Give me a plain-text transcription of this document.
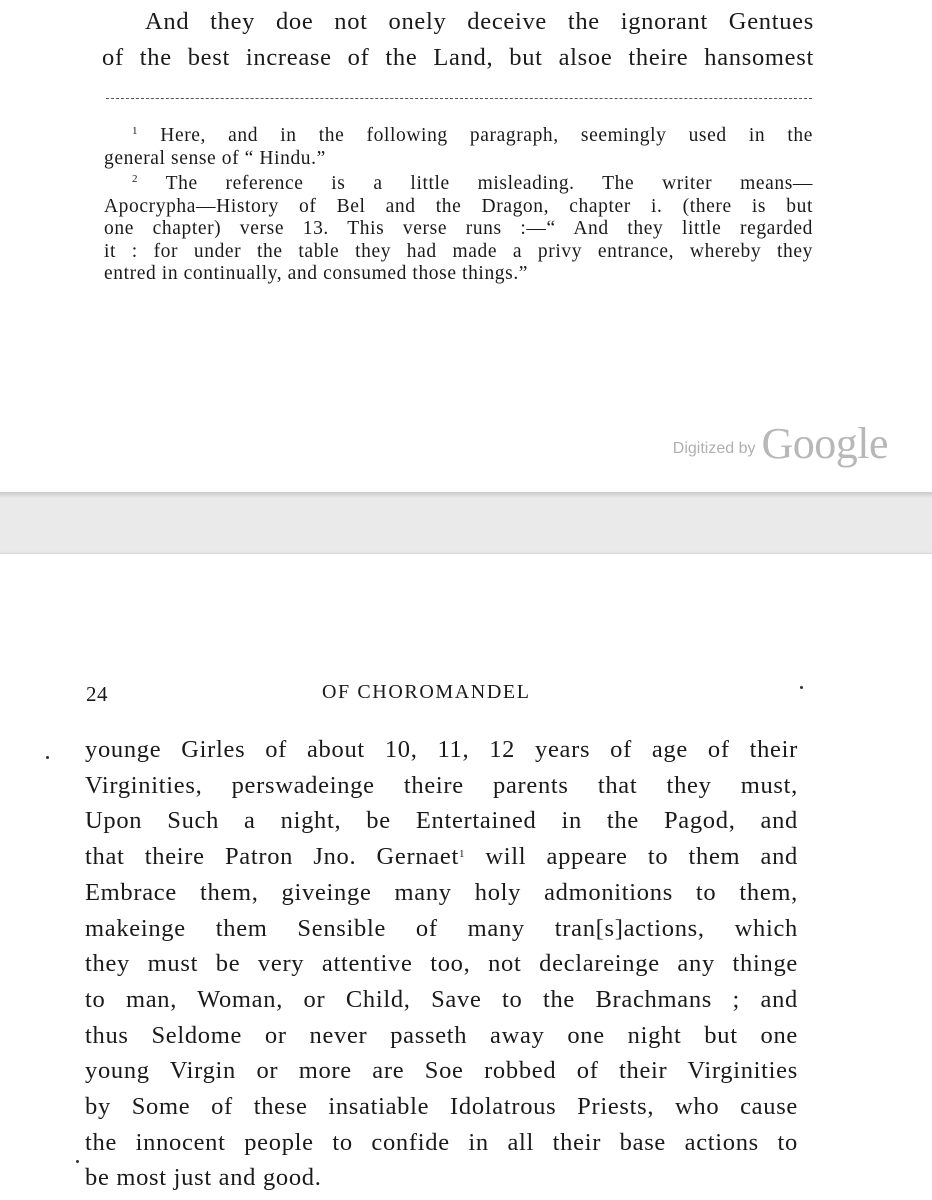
And they doe not onely deceive the ignorant Gentues
of the best increase of the Land, but alsoe theire hansomest
$^1$ Here, and in the following paragraph, seemingly used in the
general sense of “ Hindu.”
$^2$ The reference is a little misleading. The writer means—
Apocrypha—History of Bel and the Dragon, chapter i. (there is but
one chapter) verse 13. This verse runs :—“ And they little regarded
it : for under the table they had made a privy entrance, whereby they
entred in continually, and consumed those things.”
Digitized by Google
24	OF CHOROMANDEL
younge Girles of about 10, 11, 12 years of age of their
Virginities, perswadeinge theire parents that they must,
Upon Such a night, be Entertained in the Pagod, and
that theire Patron Jno. Gernaet$^1$ will appeare to them and
Embrace them, giveinge many holy admonitions to them,
makeinge them Sensible of many tran[s]actions, which
they must be very attentive too, not declareinge any thinge
to man, Woman, or Child, Save to the Brachmans ; and
thus Seldome or never passeth away one night but one
young Virgin or more are Soe robbed of their Virginities
by Some of these insatiable Idolatrous Priests, who cause
the innocent people to confide in all their base actions to
be most just and good.
